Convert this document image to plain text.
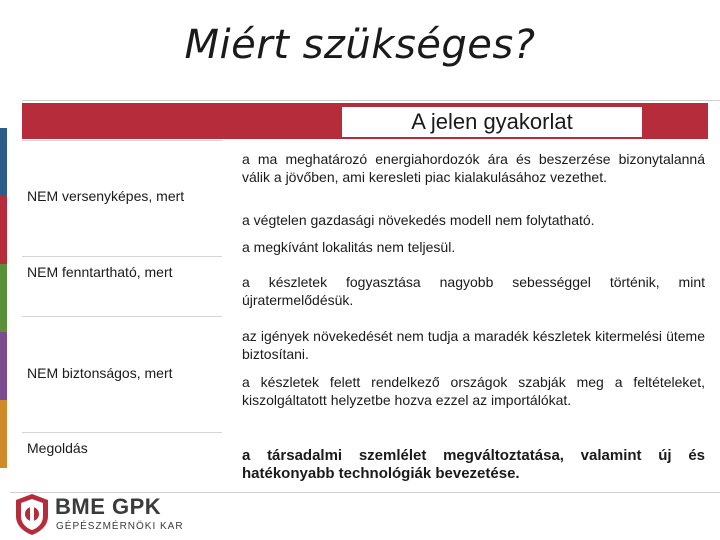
Miért szükséges?
A jelen gyakorlat
NEM versenyképes, mert
NEM fenntartható, mert
NEM biztonságos, mert
Megoldás
a ma meghatározó energiahordozók ára és beszerzése bizonytalanná válik a jövőben, ami keresleti piac kialakulásához vezethet.
a végtelen gazdasági növekedés modell nem folytatható.
a megkívánt lokalitás nem teljesül.
a készletek fogyasztása nagyobb sebességgel történik, mint újratermelődésük.
az igények növekedését nem tudja a maradék készletek kitermelési üteme biztosítani.
a készletek felett rendelkező országok szabják meg a feltételeket, kiszolgáltatott helyzetbe hozva ezzel az importálókat.
a társadalmi szemlélet megváltoztatása, valamint új és hatékonyabb technológiák bevezetése.
BME GPK
GÉPÉSZMÉRNÖKI KAR
